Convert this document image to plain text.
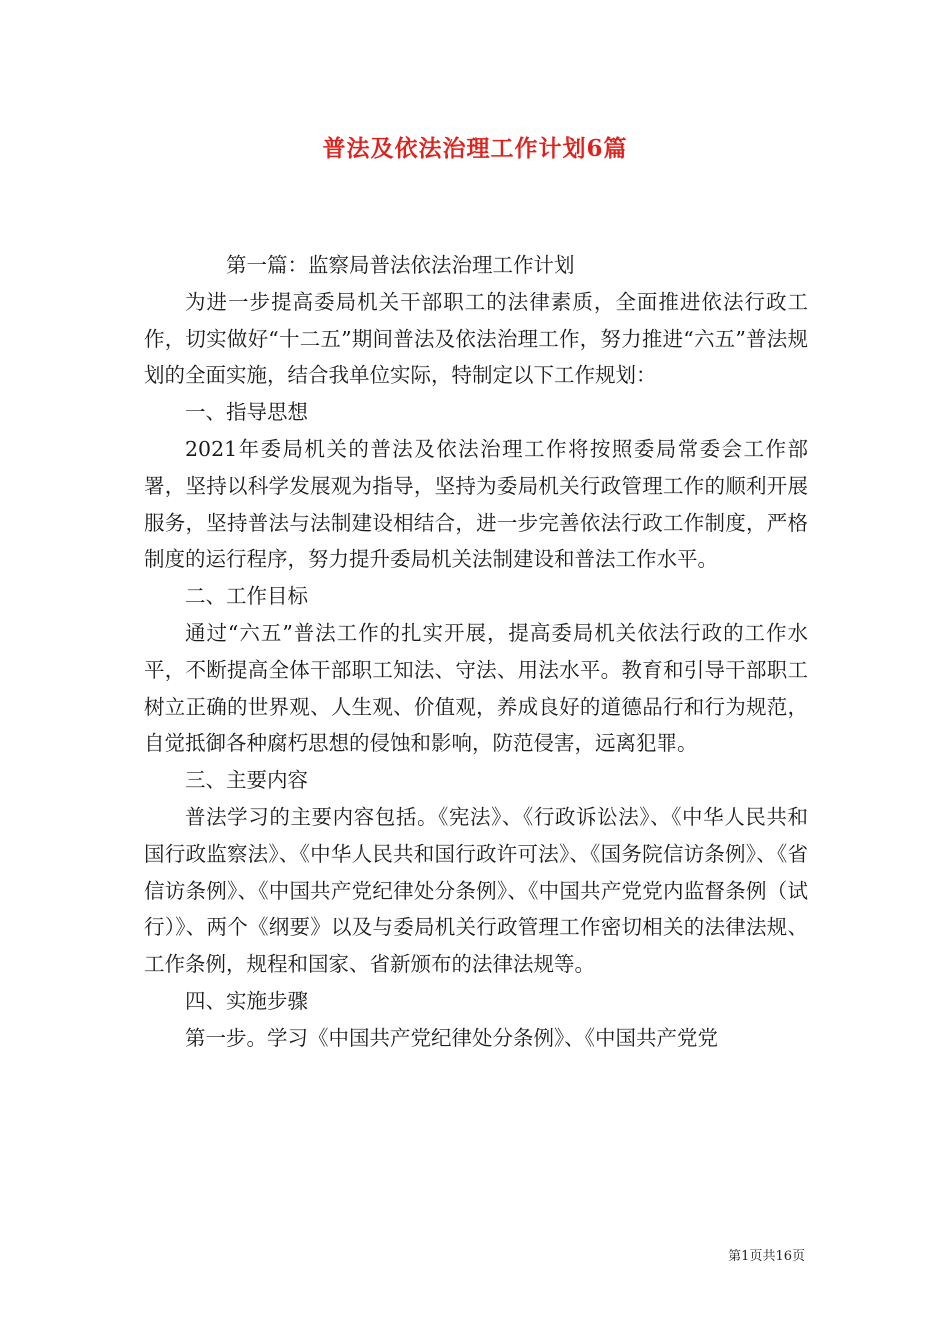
普法及依法治理工作计划6篇

第一篇：监察局普法依法治理工作计划

为进一步提高委局机关干部职工的法律素质，全面推进依法行政工作，切实做好“十二五”期间普法及依法治理工作，努力推进“六五”普法规划的全面实施，结合我单位实际，特制定以下工作规划：

一、指导思想

2021年委局机关的普法及依法治理工作将按照委局常委会工作部署，坚持以科学发展观为指导，坚持为委局机关行政管理工作的顺利开展服务，坚持普法与法制建设相结合，进一步完善依法行政工作制度，严格制度的运行程序，努力提升委局机关法制建设和普法工作水平。

二、工作目标

通过“六五”普法工作的扎实开展，提高委局机关依法行政的工作水平，不断提高全体干部职工知法、守法、用法水平。教育和引导干部职工树立正确的世界观、人生观、价值观，养成良好的道德品行和行为规范，自觉抵御各种腐朽思想的侵蚀和影响，防范侵害，远离犯罪。

三、主要内容

普法学习的主要内容包括。《宪法》、《行政诉讼法》、《中华人民共和国行政监察法》、《中华人民共和国行政许可法》、《国务院信访条例》、《省信访条例》、《中国共产党纪律处分条例》、《中国共产党党内监督条例（试行）》、两个《纲要》以及与委局机关行政管理工作密切相关的法律法规、工作条例，规程和国家、省新颁布的法律法规等。

四、实施步骤

第一步。学习《中国共产党纪律处分条例》、《中国共产党党

第1页共16页
